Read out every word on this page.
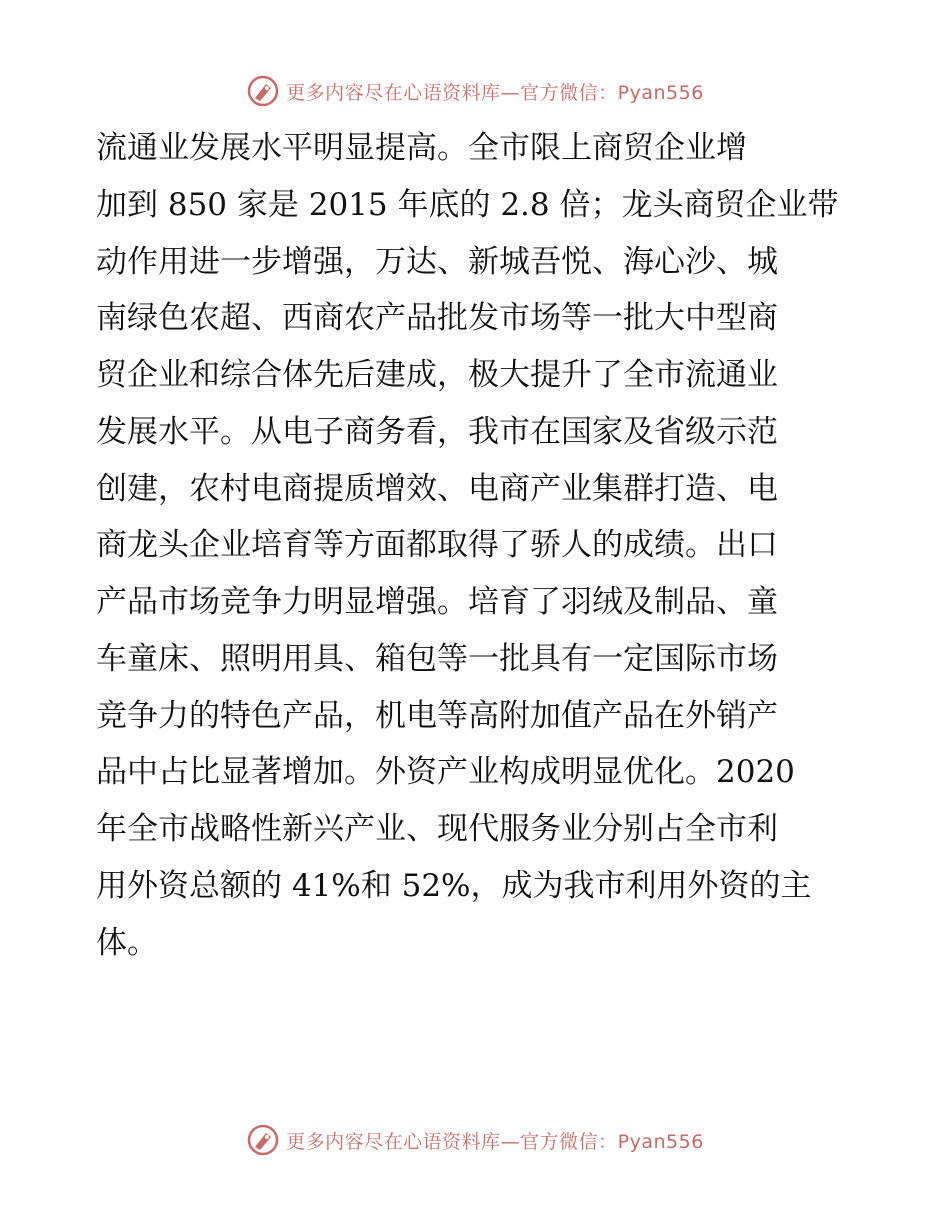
更多内容尽在心语资料库—官方微信：Pyan556
流通业发展水平明显提高。全市限上商贸企业增
加到 850 家是 2015 年底的 2.8 倍；龙头商贸企业带
动作用进一步增强，万达、新城吾悦、海心沙、城
南绿色农超、西商农产品批发市场等一批大中型商
贸企业和综合体先后建成，极大提升了全市流通业
发展水平。从电子商务看，我市在国家及省级示范
创建，农村电商提质增效、电商产业集群打造、电
商龙头企业培育等方面都取得了骄人的成绩。出口
产品市场竞争力明显增强。培育了羽绒及制品、童
车童床、照明用具、箱包等一批具有一定国际市场
竞争力的特色产品，机电等高附加值产品在外销产
品中占比显著增加。外资产业构成明显优化。2020
年全市战略性新兴产业、现代服务业分别占全市利
用外资总额的 41%和 52%，成为我市利用外资的主
体。
更多内容尽在心语资料库—官方微信：Pyan556
